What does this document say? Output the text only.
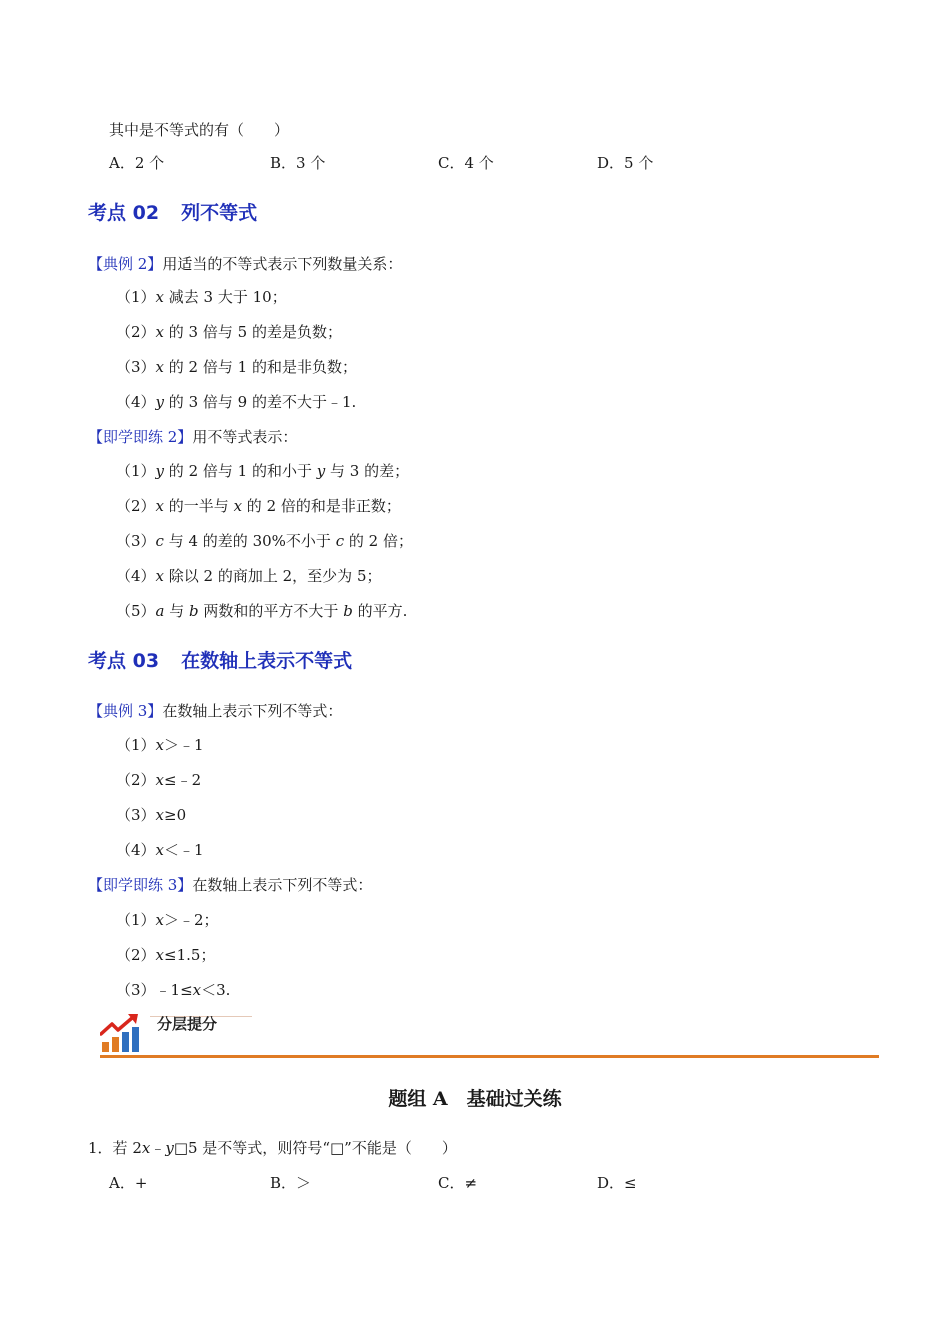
其中是不等式的有（　　）
A．2 个	B．3 个	C．4 个	D．5 个
考点 02 列不等式
【典例 2】用适当的不等式表示下列数量关系：
（1）x 减去 3 大于 10；
（2）x 的 3 倍与 5 的差是负数；
（3）x 的 2 倍与 1 的和是非负数；
（4）y 的 3 倍与 9 的差不大于﹣1.
【即学即练 2】用不等式表示：
（1）y 的 2 倍与 1 的和小于 y 与 3 的差；
（2）x 的一半与 x 的 2 倍的和是非正数；
（3）c 与 4 的差的 30%不小于 c 的 2 倍；
（4）x 除以 2 的商加上 2，至少为 5；
（5）a 与 b 两数和的平方不大于 b 的平方.
考点 03 在数轴上表示不等式
【典例 3】在数轴上表示下列不等式：
（1）x＞﹣1
（2）x≤﹣2
（3）x≥0
（4）x＜﹣1
【即学即练 3】在数轴上表示下列不等式：
（1）x＞﹣2；
（2）x≤1.5；
（3）﹣1≤x＜3.
分层提分
题组 A　基础过关练
1．若 2x﹣y□5 是不等式，则符号“□”不能是（　　）
A．+	B．＞	C．≠	D．≤
